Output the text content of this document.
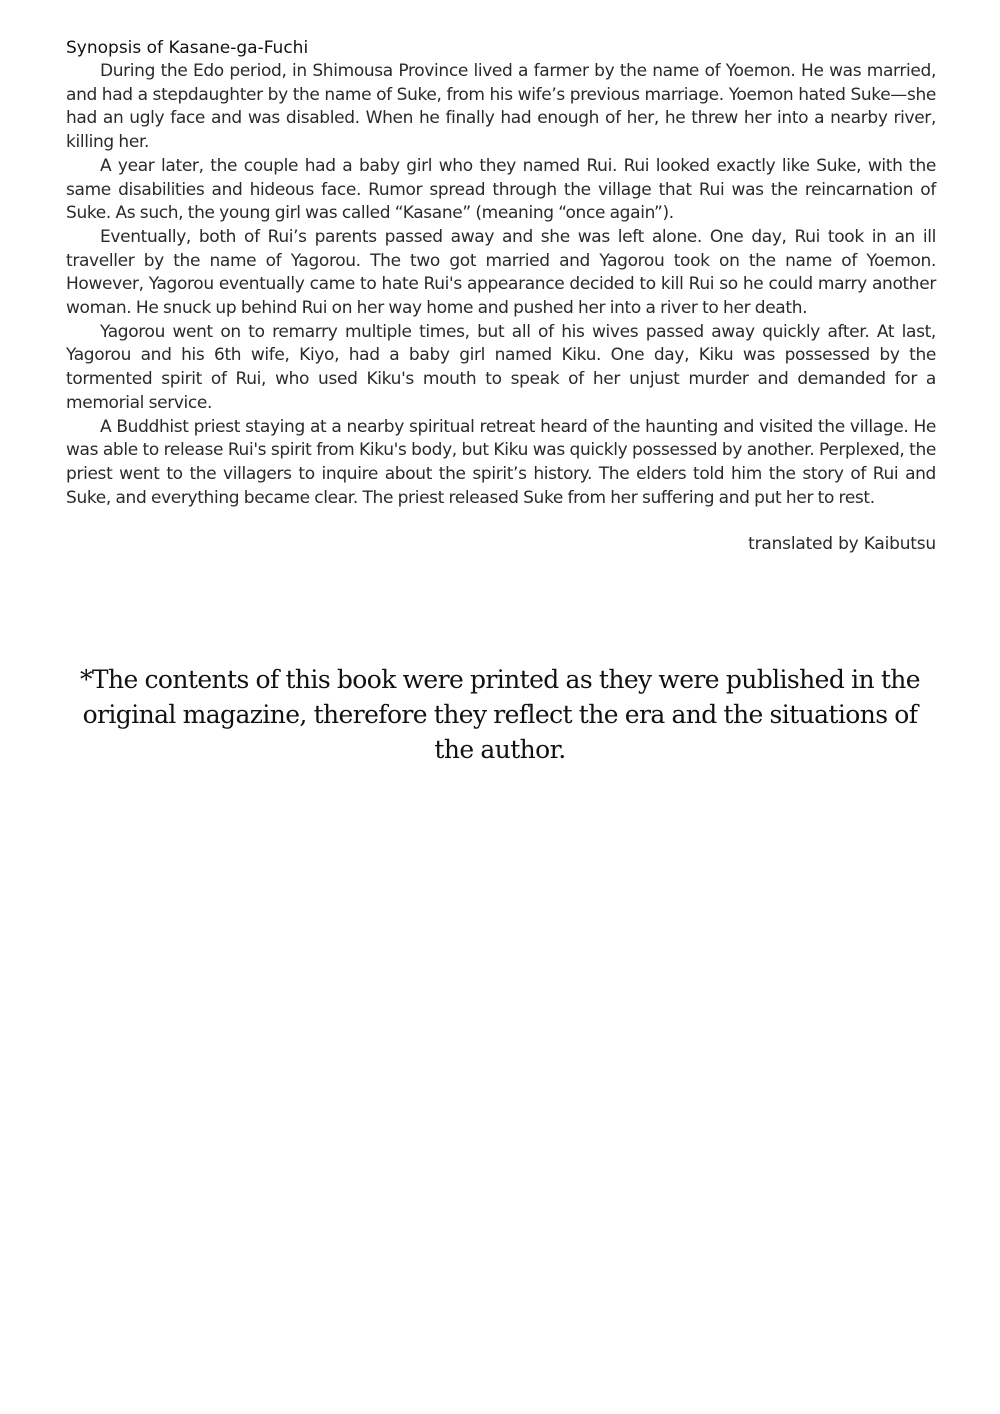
Synopsis of Kasane-ga-Fuchi

During the Edo period, in Shimousa Province lived a farmer by the name of Yoemon. He was married, and had a stepdaughter by the name of Suke, from his wife’s previous marriage. Yoemon hated Suke—she had an ugly face and was disabled. When he finally had enough of her, he threw her into a nearby river, killing her.

A year later, the couple had a baby girl who they named Rui. Rui looked exactly like Suke, with the same disabilities and hideous face. Rumor spread through the village that Rui was the reincarnation of Suke. As such, the young girl was called “Kasane” (meaning “once again”).

Eventually, both of Rui’s parents passed away and she was left alone. One day, Rui took in an ill traveller by the name of Yagorou. The two got married and Yagorou took on the name of Yoemon. However, Yagorou eventually came to hate Rui's appearance decided to kill Rui so he could marry another woman. He snuck up behind Rui on her way home and pushed her into a river to her death.

Yagorou went on to remarry multiple times, but all of his wives passed away quickly after. At last, Yagorou and his 6th wife, Kiyo, had a baby girl named Kiku. One day, Kiku was possessed by the tormented spirit of Rui, who used Kiku's mouth to speak of her unjust murder and demanded for a memorial service.

A Buddhist priest staying at a nearby spiritual retreat heard of the haunting and visited the village. He was able to release Rui's spirit from Kiku's body, but Kiku was quickly possessed by another. Perplexed, the priest went to the villagers to inquire about the spirit’s history. The elders told him the story of Rui and Suke, and everything became clear. The priest released Suke from her suffering and put her to rest.

translated by Kaibutsu
*The contents of this book were printed as they were published in the original magazine, therefore they reflect the era and the situations of the author.
